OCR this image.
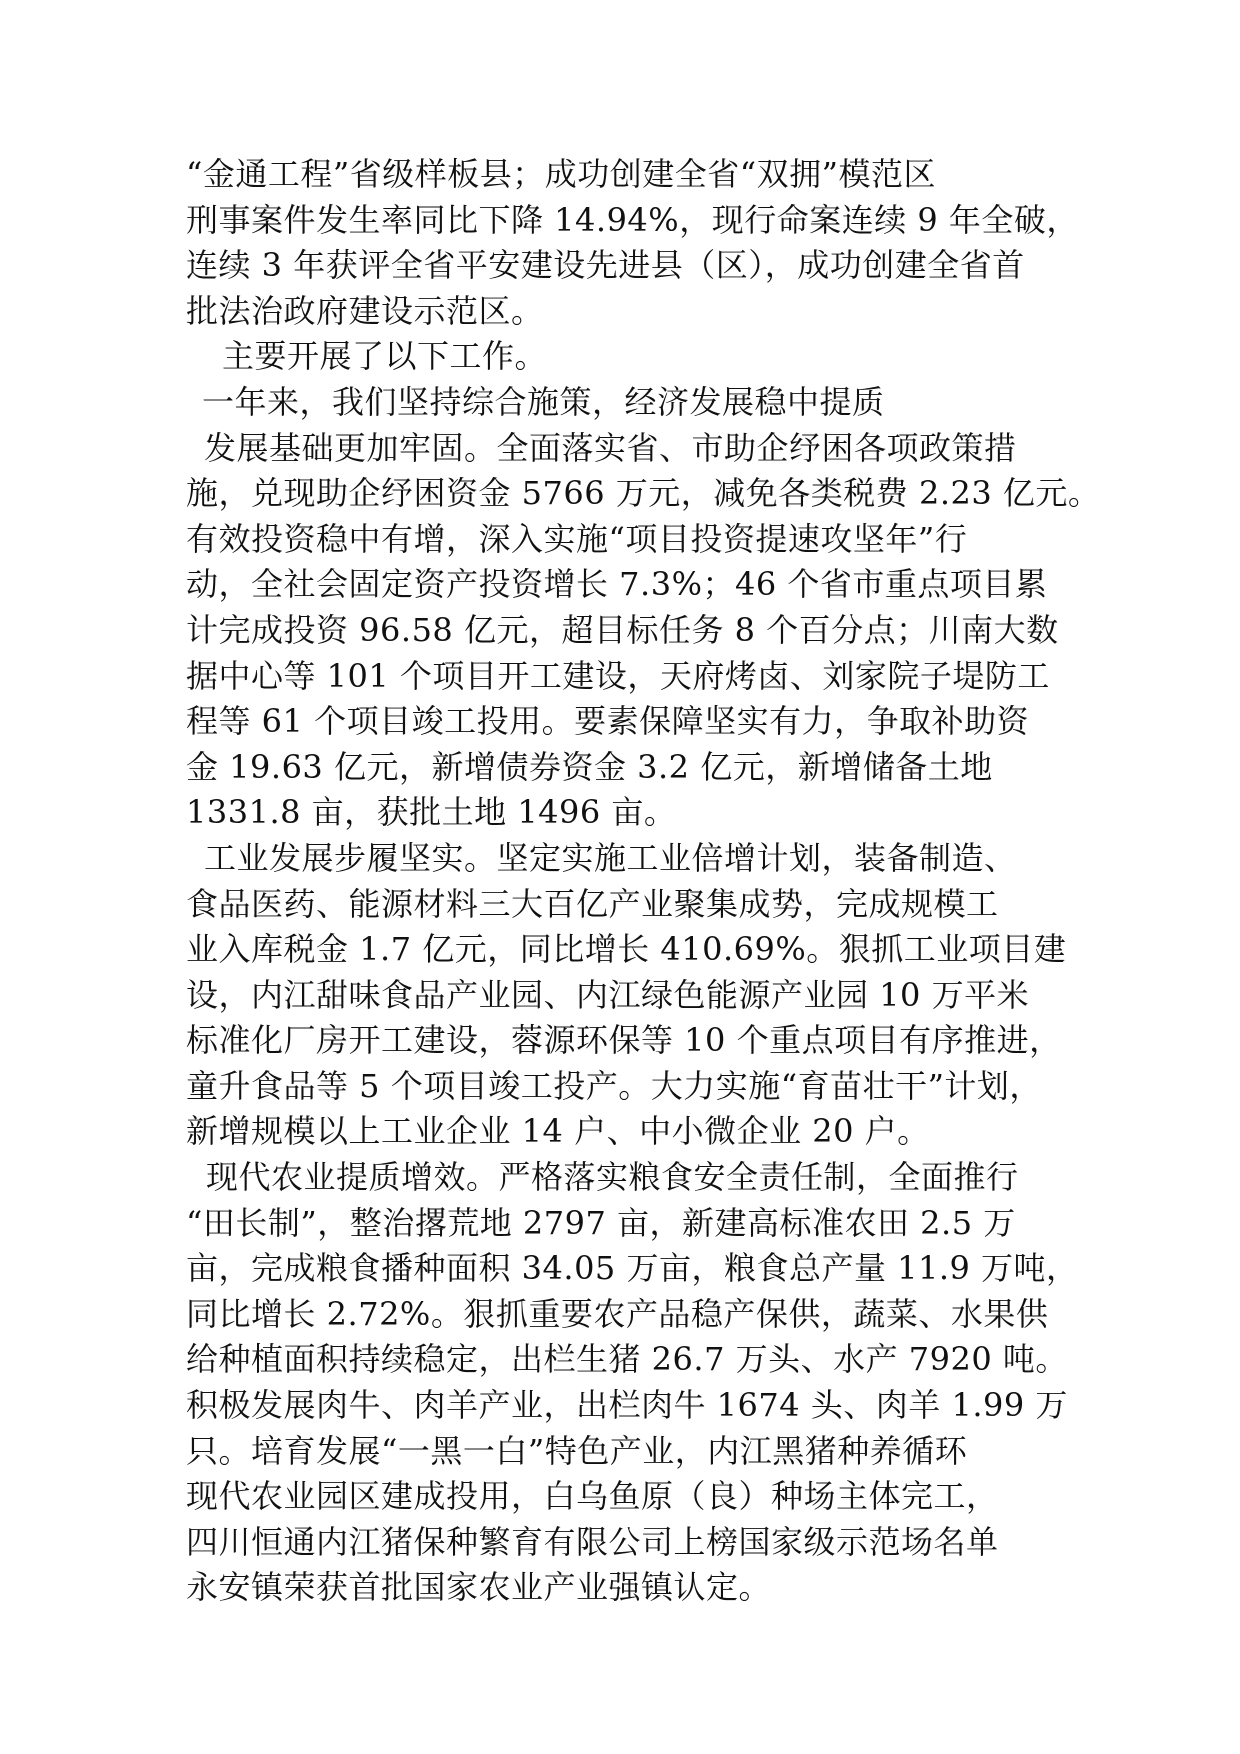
“金通工程”省级样板县；成功创建全省“双拥”模范区
刑事案件发生率同比下降 14.94%，现行命案连续 9 年全破，
连续 3 年获评全省平安建设先进县（区），成功创建全省首
批法治政府建设示范区。
主要开展了以下工作。
一年来，我们坚持综合施策，经济发展稳中提质
发展基础更加牢固。全面落实省、市助企纾困各项政策措
施，兑现助企纾困资金 5766 万元，减免各类税费 2.23 亿元。
有效投资稳中有增，深入实施“项目投资提速攻坚年”行
动，全社会固定资产投资增长 7.3%；46 个省市重点项目累
计完成投资 96.58 亿元，超目标任务 8 个百分点；川南大数
据中心等 101 个项目开工建设，天府烤卤、刘家院子堤防工
程等 61 个项目竣工投用。要素保障坚实有力，争取补助资
金 19.63 亿元，新增债券资金 3.2 亿元，新增储备土地
1331.8 亩，获批土地 1496 亩。
工业发展步履坚实。坚定实施工业倍增计划，装备制造、
食品医药、能源材料三大百亿产业聚集成势，完成规模工
业入库税金 1.7 亿元，同比增长 410.69%。狠抓工业项目建
设，内江甜味食品产业园、内江绿色能源产业园 10 万平米
标准化厂房开工建设，蓉源环保等 10 个重点项目有序推进，
童升食品等 5 个项目竣工投产。大力实施“育苗壮干”计划，
新增规模以上工业企业 14 户、中小微企业 20 户。
现代农业提质增效。严格落实粮食安全责任制，全面推行
“田长制”，整治撂荒地 2797 亩，新建高标准农田 2.5 万
亩，完成粮食播种面积 34.05 万亩，粮食总产量 11.9 万吨，
同比增长 2.72%。狠抓重要农产品稳产保供，蔬菜、水果供
给种植面积持续稳定，出栏生猪 26.7 万头、水产 7920 吨。
积极发展肉牛、肉羊产业，出栏肉牛 1674 头、肉羊 1.99 万
只。培育发展“一黑一白”特色产业，内江黑猪种养循环
现代农业园区建成投用，白乌鱼原（良）种场主体完工，
四川恒通内江猪保种繁育有限公司上榜国家级示范场名单
永安镇荣获首批国家农业产业强镇认定。
